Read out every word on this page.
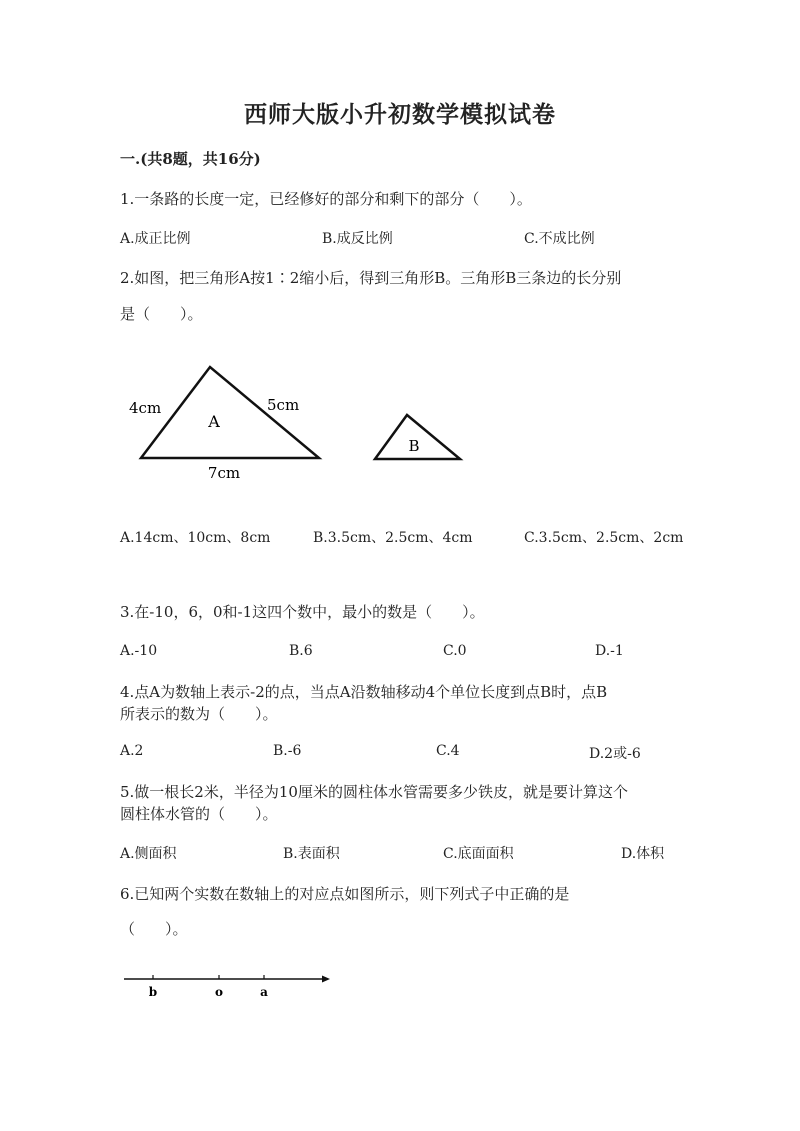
西师大版小升初数学模拟试卷
一.(共8题，共16分)
1.一条路的长度一定，已经修好的部分和剩下的部分（　　）。
A.成正比例	B.成反比例	C.不成比例
2.如图，把三角形A按1∶2缩小后，得到三角形B。三角形B三条边的长分别
是（　　）。
4cm	5cm
7cm
A
B
A.14cm、10cm、8cm	B.3.5cm、2.5cm、4cm	C.3.5cm、2.5cm、2cm
3.在-10，6，0和-1这四个数中，最小的数是（　　）。
A.-10	B.6	C.0	D.-1
4.点A为数轴上表示-2的点，当点A沿数轴移动4个单位长度到点B时，点B
所表示的数为（　　）。
A.2	B.-6	C.4	D.2或-6
5.做一根长2米，半径为10厘米的圆柱体水管需要多少铁皮，就是要计算这个
圆柱体水管的（　　）。
A.侧面积	B.表面积	C.底面面积	D.体积
6.已知两个实数在数轴上的对应点如图所示，则下列式子中正确的是
（　　）。
b	o	a
